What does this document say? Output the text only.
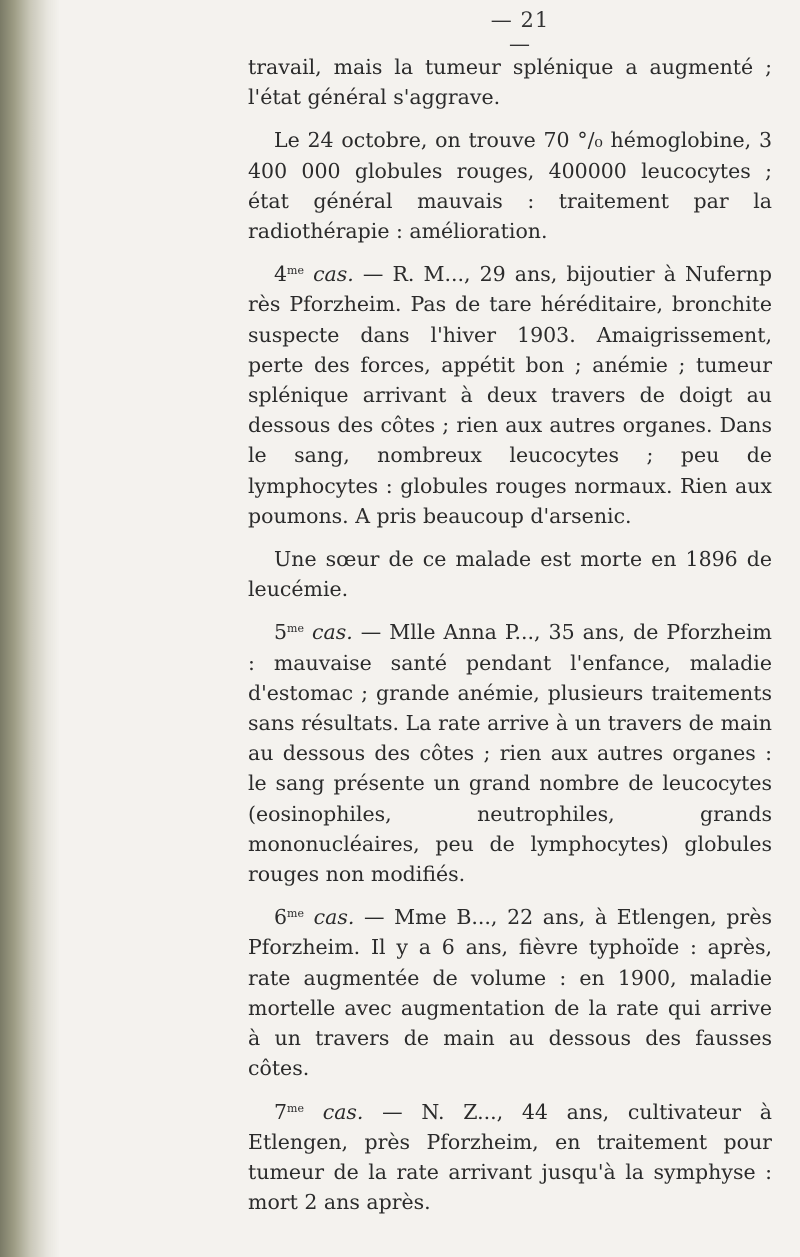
— 21 —

travail, mais la tumeur splénique a augmenté ; l'état général s'aggrave.

Le 24 octobre, on trouve 70 °/₀ hémoglobine, 3 400 000 globules rouges, 400000 leucocytes ; état général mauvais : traitement par la radiothérapie : amélioration.

$4^{me}$ cas. — R. M..., 29 ans, bijoutier à Nufernp rès Pforzheim. Pas de tare héréditaire, bronchite suspecte dans l'hiver 1903. Amaigrissement, perte des forces, appétit bon ; anémie ; tumeur splénique arrivant à deux travers de doigt au dessous des côtes ; rien aux autres organes. Dans le sang, nombreux leucocytes ; peu de lymphocytes : globules rouges normaux. Rien aux poumons. A pris beaucoup d'arsenic.

Une sœur de ce malade est morte en 1896 de leucémie.

$5^{me}$ cas. — Mlle Anna P..., 35 ans, de Pforzheim : mauvaise santé pendant l'enfance, maladie d'estomac ; grande anémie, plusieurs traitements sans résultats. La rate arrive à un travers de main au dessous des côtes ; rien aux autres organes : le sang présente un grand nombre de leucocytes (eosinophiles, neutrophiles, grands mononucléaires, peu de lymphocytes) globules rouges non modifiés.

$6^{me}$ cas. — Mme B..., 22 ans, à Etlengen, près Pforzheim. Il y a 6 ans, fièvre typhoïde : après, rate augmentée de volume : en 1900, maladie mortelle avec augmentation de la rate qui arrive à un travers de main au dessous des fausses côtes.

$7^{me}$ cas. — N. Z..., 44 ans, cultivateur à Etlengen, près Pforzheim, en traitement pour tumeur de la rate arrivant jusqu'à la symphyse : mort 2 ans après.
